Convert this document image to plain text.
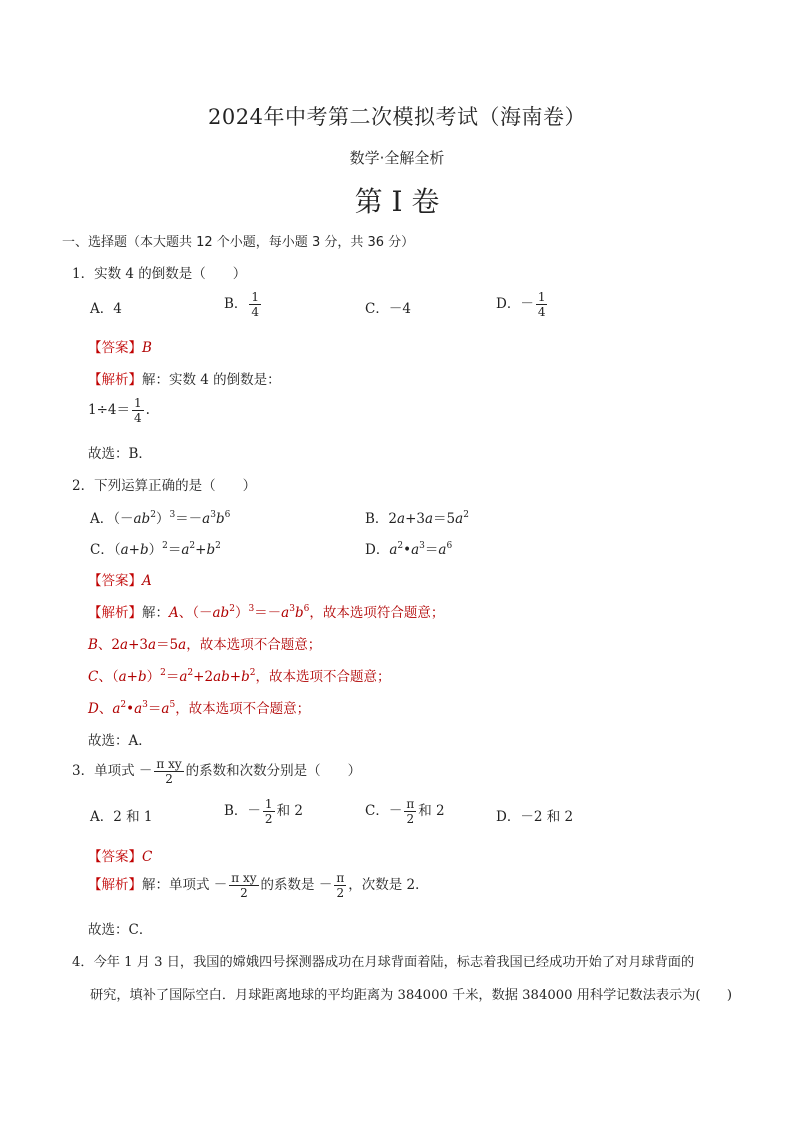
2024年中考第二次模拟考试（海南卷）
数学·全解全析
第 I 卷
一、选择题（本大题共 12 个小题，每小题 3 分，共 36 分）
1．实数 4 的倒数是（　　）
A．4	B． $\frac{1}{4}$	C．－4	D．－ $\frac{1}{4}$
【答案】B
【解析】解：实数 4 的倒数是：
$1\div 4= \frac{1}{4}$ .
故选：B．
2．下列运算正确的是（　　）
A．$(-ab^2)^3=-a^3b^6$	B．$2a+3a=5a^2$
C．$(a+b)^2=a^2+b^2$	D．$a^2•a^3=a^6$
【答案】A
【解析】解：A、$(-ab^2)^3=-a^3b^6$，故本选项符合题意；
B、2a+3a＝5a，故本选项不合题意；
C、$(a+b)^2=a^2+2ab+b^2$，故本选项不合题意；
D、$a^2•a^3=a^5$，故本选项不合题意；
故选：A．
3．单项式 － $\frac{\text{π xy}}{2}$ 的系数和次数分别是（　　）
A．2 和 1	B．－ $\frac{1}{2}$ 和 2	C．－ $\frac{\pi}{2}$ 和 2	D．－2 和 2
【答案】C
【解析】解：单项式 － $\frac{\text{π xy}}{2}$ 的系数是 － $\frac{\pi}{2}$ ，次数是 2．
故选：C．
4．今年 1 月 3 日，我国的嫦娥四号探测器成功在月球背面着陆，标志着我国已经成功开始了对月球背面的
研究，填补了国际空白．月球距离地球的平均距离为 384000 千米，数据 384000 用科学记数法表示为(　　)
